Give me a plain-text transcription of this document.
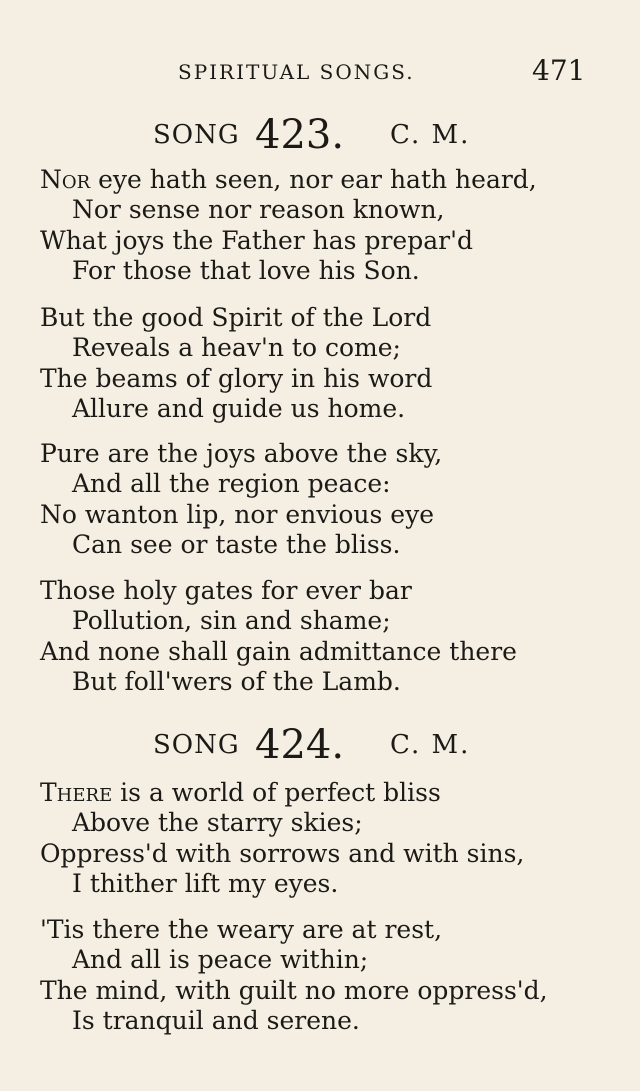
SPIRITUAL SONGS.	471
SONG 423. C. M.
Nor eye hath seen, nor ear hath heard,
Nor sense nor reason known,
What joys the Father has prepar'd
For those that love his Son.
But the good Spirit of the Lord
Reveals a heav'n to come;
The beams of glory in his word
Allure and guide us home.
Pure are the joys above the sky,
And all the region peace:
No wanton lip, nor envious eye
Can see or taste the bliss.
Those holy gates for ever bar
Pollution, sin and shame;
And none shall gain admittance there
But foll'wers of the Lamb.
SONG 424. C. M.
There is a world of perfect bliss
Above the starry skies;
Oppress'd with sorrows and with sins,
I thither lift my eyes.
'Tis there the weary are at rest,
And all is peace within;
The mind, with guilt no more oppress'd,
Is tranquil and serene.
